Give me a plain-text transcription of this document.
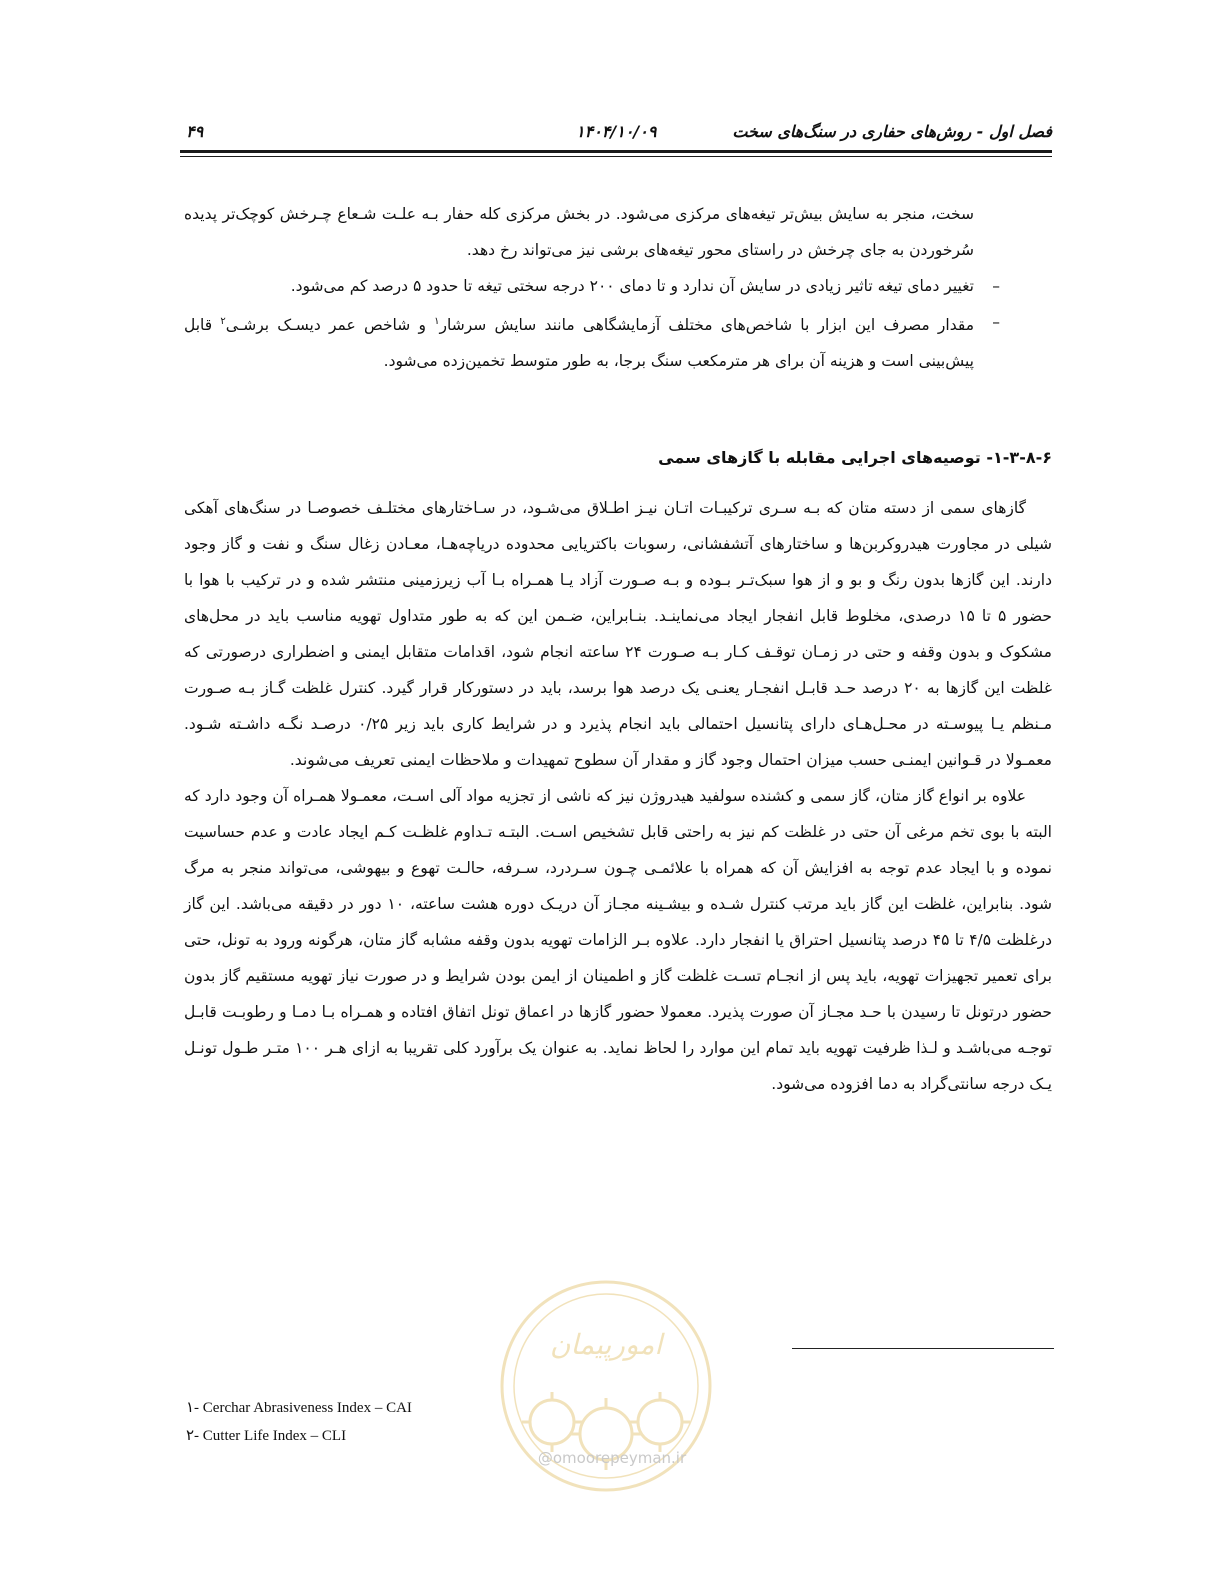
فصل اول - روش‌های حفاری در سنگ‌های سخت
۱۴۰۴/۱۰/۰۹
۴۹

سخت، منجر به سایش بیش‌تر تیغه‌های مرکزی می‌شود. در بخش مرکزی کله حفار بـه علـت شـعاع چـرخش کوچک‌تر پدیده سُرخوردن به جای چرخش در راستای محور تیغه‌های برشی نیز می‌تواند رخ دهد.

–
تغییر دمای تیغه تاثیر زیادی در سایش آن ندارد و تا دمای ۲۰۰ درجه سختی تیغه تا حدود ۵ درصد کم می‌شود.

–
مقدار مصرف این ابزار با شاخص‌های مختلف آزمایشگاهی مانند سایش سرشار$^۱$ و شاخص عمر دیسـک برشـی$^۲$ قابل پیش‌بینی است و هزینه آن برای هر مترمکعب سنگ برجا، به طور متوسط تخمین‌زده می‌شود.

۱-۳-۸-۶- توصیه‌های اجرایی مقابله با گازهای سمی

گازهای سمی از دسته متان که بـه سـری ترکیبـات اتـان نیـز اطـلاق می‌شـود، در سـاختارهای مختلـف خصوصـا در سنگ‌های آهکی شیلی در مجاورت هیدروکربن‌ها و ساختارهای آتشفشانی، رسوبات باکتریایی محدوده دریاچه‌هـا، معـادن زغال سنگ و نفت و گاز وجود دارند. این گازها بدون رنگ و بو و از هوا سبک‌تـر بـوده و بـه صـورت آزاد یـا همـراه بـا آب زیرزمینی منتشر شده و در ترکیب با هوا با حضور ۵ تا ۱۵ درصدی، مخلوط قابل انفجار ایجاد می‌نماینـد. بنـابراین، ضـمن این که به طور متداول تهویه مناسب باید در محل‌های مشکوک و بدون وقفه و حتی در زمـان توقـف کـار بـه صـورت ۲۴ ساعته انجام شود، اقدامات متقابل ایمنی و اضطراری درصورتی که غلظت این گازها به ۲۰ درصد حـد قابـل انفجـار یعنـی یک درصد هوا برسد، باید در دستورکار قرار گیرد. کنترل غلظت گـاز بـه صـورت مـنظم یـا پیوسـته در محـل‌هـای دارای پتانسیل احتمالی باید انجام پذیرد و در شرایط کاری باید زیر ۰/۲۵ درصـد نگـه داشـته شـود. معمـولا در قـوانین ایمنـی حسب میزان احتمال وجود گاز و مقدار آن سطوح تمهیدات و ملاحظات ایمنی تعریف می‌شوند.

علاوه بر انواع گاز متان، گاز سمی و کشنده سولفید هیدروژن نیز که ناشی از تجزیه مواد آلی اسـت، معمـولا همـراه آن وجود دارد که البته با بوی تخم مرغی آن حتی در غلظت کم نیز به راحتی قابل تشخیص اسـت. البتـه تـداوم غلظـت کـم ایجاد عادت و عدم حساسیت نموده و با ایجاد عدم توجه به افزایش آن که همراه با علائمـی چـون سـردرد، سـرفه، حالـت تهوع و بیهوشی، می‌تواند منجر به مرگ شود. بنابراین، غلظت این گاز باید مرتب کنترل شـده و بیشـینه مجـاز آن دریـک دوره هشت ساعته، ۱۰ دور در دقیقه می‌باشد. این گاز درغلظت ۴/۵ تا ۴۵ درصد پتانسیل احتراق یا انفجار دارد. علاوه بـر الزامات تهویه بدون وقفه مشابه گاز متان، هرگونه ورود به تونل، حتی برای تعمیر تجهیزات تهویه، باید پس از انجـام تسـت غلظت گاز و اطمینان از ایمن بودن شرایط و در صورت نیاز تهویه مستقیم گاز بدون حضور درتونل تا رسیدن با حـد مجـاز آن صورت پذیرد. معمولا حضور گازها در اعماق تونل اتفاق افتاده و همـراه بـا دمـا و رطوبـت قابـل توجـه می‌باشـد و لـذا ظرفیت تهویه باید تمام این موارد را لحاظ نماید. به عنوان یک برآورد کلی تقریبا به ازای هـر ۱۰۰ متـر طـول تونـل یـک درجه سانتی‌گراد به دما افزوده می‌شود.

امورپیمان
@omoorepeyman.ir
۱- Cerchar Abrasiveness Index – CAI
۲- Cutter Life Index – CLI
